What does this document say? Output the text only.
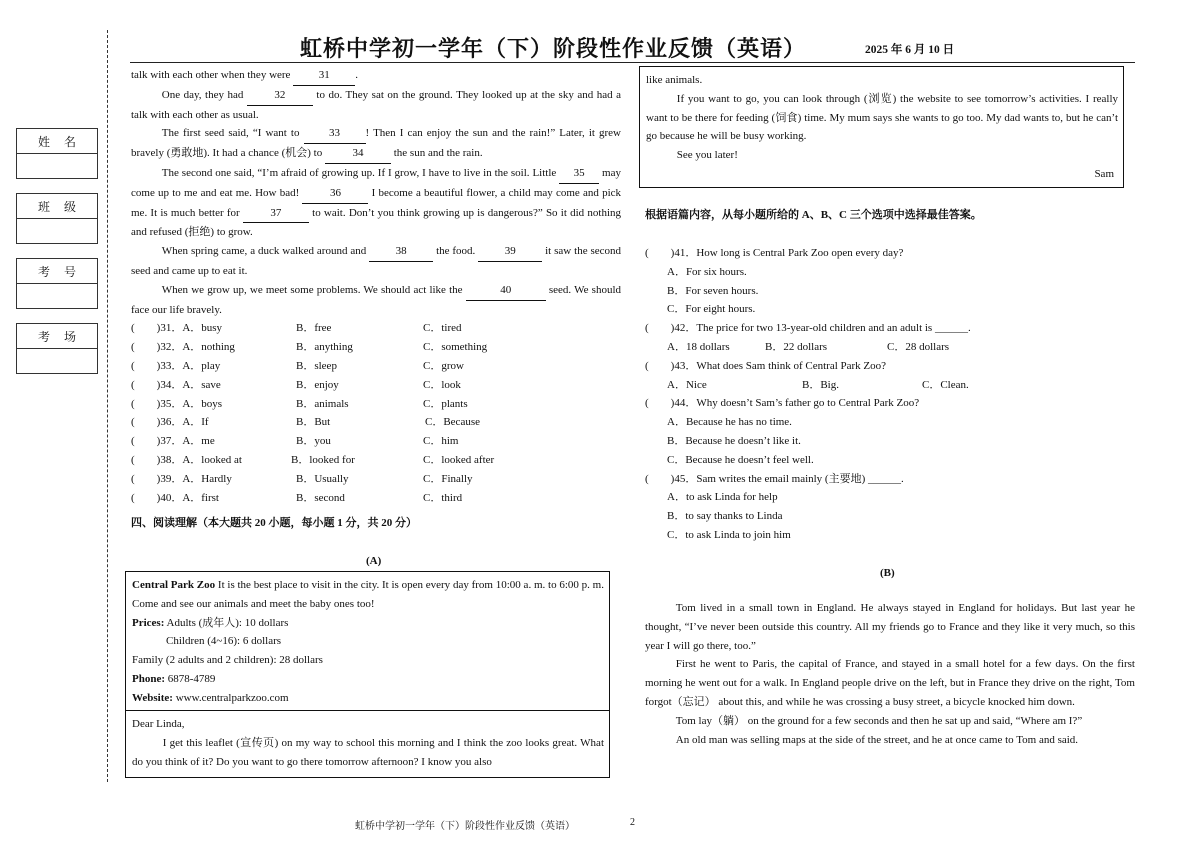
虹桥中学初一学年（下）阶段性作业反馈（英语）	2025 年 6 月 10 日
姓 名
班 级
考 号
考 场

talk with each other when they were	31 .

One day, they had	32	to do. They sat on the ground. They looked up at the sky and had a talk with each other as usual.

The first seed said, “I want to	33 ! Then I can enjoy the sun and the rain!” Later, it grew bravely (勇敢地). It had a chance (机会) to	34	the sun and the rain.

The second one said, “I’m afraid of growing up. If I grow, I have to live in the soil. Little 35 may come up to me and eat me. How bad!	36	I become a beautiful flower, a child may come and pick me. It is much better for	37	to wait. Don’t you think growing up is dangerous?” So it did nothing and refused (拒绝) to grow.

When spring came, a duck walked around and	38	the food.	39	it saw the second seed and came up to eat it.

When we grow up, we meet some problems. We should act like the	40	seed. We should face our life bravely.

(　　)31．A．busy	B．free	C．tired
(　　)32．A．nothing	B．anything	C．something
(　　)33．A．play	B．sleep	C．grow
(　　)34．A．save	B．enjoy	C．look
(　　)35．A．boys	B．animals	C．plants
(　　)36．A．If	B．But	C．Because
(　　)37．A．me	B．you	C．him
(　　)38．A．looked at	B．looked for	C．looked after
(　　)39．A．Hardly	B．Usually	C．Finally
(　　)40．A．first	B．second	C．third
四、阅读理解（本大题共 20 小题，每小题 1 分，共 20 分）
(A)
Central Park Zoo It is the best place to visit in the city. It is open every day from 10:00 a. m. to 6:00 p. m. Come and see our animals and meet the baby ones too!
Prices: Adults (成年人): 10 dollars
Children (4~16): 6 dollars
Family (2 adults and 2 children): 28 dollars
Phone: 6878-4789
Website: www.centralparkzoo.com
Dear Linda,

I get this leaflet (宣传页) on my way to school this morning and I think the zoo looks great. What do you think of it? Do you want to go there tomorrow afternoon? I know you also

like animals.

If you want to go, you can look through (浏览) the website to see tomorrow’s activities. I really want to be there for feeding (饲食) time. My mum says she wants to go too. My dad wants to, but he can’t go because he will be busy working.

See you later!

Sam
根据语篇内容，从每小题所给的 A、B、C 三个选项中选择最佳答案。
(　　)41．How long is Central Park Zoo open every day?
A．For six hours.
B．For seven hours.
C．For eight hours.
(　　)42．The price for two 13-year-old children and an adult is ______.
A．18 dollars	B．22 dollars	C．28 dollars
(　　)43．What does Sam think of Central Park Zoo?
A．Nice	B．Big.	C．Clean.
(　　)44．Why doesn’t Sam’s father go to Central Park Zoo?
A．Because he has no time.
B．Because he doesn’t like it.
C．Because he doesn’t feel well.
(　　)45．Sam writes the email mainly (主要地) ______.
A．to ask Linda for help
B．to say thanks to Linda
C．to ask Linda to join him
(B)

Tom lived in a small town in England. He always stayed in England for holidays. But last year he thought, “I’ve never been outside this country. All my friends go to France and they like it very much, so this year I will go there, too.”

First he went to Paris, the capital of France, and stayed in a small hotel for a few days. On the first morning he went out for a walk. In England people drive on the left, but in France they drive on the right, Tom forgot（忘记） about this, and while he was crossing a busy street, a bicycle knocked him down.

Tom lay（躺） on the ground for a few seconds and then he sat up and said, “Where am I?”

An old man was selling maps at the side of the street, and he at once came to Tom and said.

虹桥中学初一学年（下）阶段性作业反馈（英语）	2
